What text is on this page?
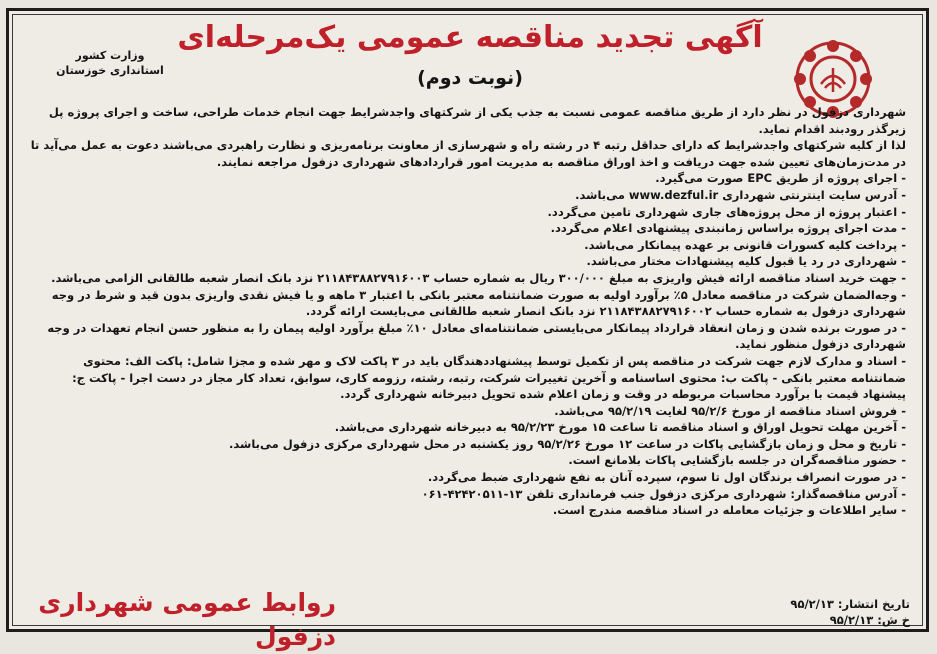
وزارت کشور
استانداری خوزستان
آگهی تجدید مناقصه عمومی یک‌مرحله‌ای
(نوبت دوم)

شهرداری دزفول در نظر دارد از طریق مناقصه عمومی نسبت به جذب یکی از شرکتهای واجدشرایط جهت انجام خدمات طراحی، ساخت و اجرای پروژه پل زیرگذر رودبند اقدام نماید.

لذا از کلیه شرکتهای واجدشرایط که دارای حداقل رتبه ۴ در رشته راه و شهرسازی از معاونت برنامه‌ریزی و نظارت راهبردی می‌باشند دعوت به عمل می‌آید تا در مدت‌زمان‌های تعیین شده جهت دریافت و اخذ اوراق مناقصه به مدیریت امور قراردادهای شهرداری دزفول مراجعه نمایند.

- اجرای پروژه از طریق EPC صورت می‌گیرد.

- آدرس سایت اینترنتی شهرداری www.dezful.ir می‌باشد.

- اعتبار پروژه از محل پروژه‌های جاری شهرداری تامین می‌گردد.

- مدت اجرای پروژه براساس زمانبندی پیشنهادی اعلام می‌گردد.

- پرداخت کلیه کسورات قانونی بر عهده پیمانکار می‌باشد.

- شهرداری در رد یا قبول کلیه پیشنهادات مختار می‌باشد.

- جهت خرید اسناد مناقصه ارائه فیش واریزی به مبلغ ۳۰۰/۰۰۰ ریال به شماره حساب ۲۱۱۸۴۳۸۸۲۷۹۱۶۰۰۳ نزد بانک انصار شعبه طالقانی الزامی می‌باشد.

- وجه‌الضمان شرکت در مناقصه معادل ۵٪ برآورد اولیه به صورت ضمانتنامه معتبر بانکی با اعتبار ۳ ماهه و یا فیش نقدی واریزی بدون قید و شرط در وجه شهرداری دزفول به شماره حساب ۲۱۱۸۴۳۸۸۲۷۹۱۶۰۰۲ نزد بانک انصار شعبه طالقانی می‌بایست ارائه گردد.

- در صورت برنده شدن و زمان انعقاد قرارداد پیمانکار می‌بایستی ضمانتنامه‌ای معادل ۱۰٪ مبلغ برآورد اولیه پیمان را به منظور حسن انجام تعهدات در وجه شهرداری دزفول منظور نماید.

- اسناد و مدارک لازم جهت شرکت در مناقصه پس از تکمیل توسط پیشنهاددهندگان باید در ۳ پاکت لاک و مهر شده و مجزا شامل: پاکت الف: محتوی ضمانتنامه معتبر بانکی - پاکت ب: محتوی اساسنامه و آخرین تغییرات شرکت، رتبه، رشته، رزومه کاری، سوابق، تعداد کار مجاز در دست اجرا - پاکت ج: پیشنهاد قیمت با برآورد محاسبات مربوطه در وقت و زمان اعلام شده تحویل دبیرخانه شهرداری گردد.

- فروش اسناد مناقصه از مورخ ۹۵/۲/۶ لغایت ۹۵/۲/۱۹ می‌باشد.

- آخرین مهلت تحویل اوراق و اسناد مناقصه تا ساعت ۱۵ مورخ ۹۵/۲/۲۳ به دبیرخانه شهرداری می‌باشد.

- تاریخ و محل و زمان بازگشایی پاکات در ساعت ۱۲ مورخ ۹۵/۲/۲۶ روز یکشنبه در محل شهرداری مرکزی دزفول می‌باشد.

- حضور مناقصه‌گران در جلسه بازگشایی پاکات بلامانع است.

- در صورت انصراف برندگان اول تا سوم، سپرده آنان به نفع شهرداری ضبط می‌گردد.

- آدرس مناقصه‌گذار: شهرداری مرکزی دزفول جنب فرمانداری تلفن ۱۳-۴۲۴۲۰۵۱۱-۰۶۱

- سایر اطلاعات و جزئیات معامله در اسناد مناقصه مندرج است.

روابط عمومی شهرداری دزفول
تاریخ انتشار: ۹۵/۲/۱۳
خ ش: ۹۵/۲/۱۳
